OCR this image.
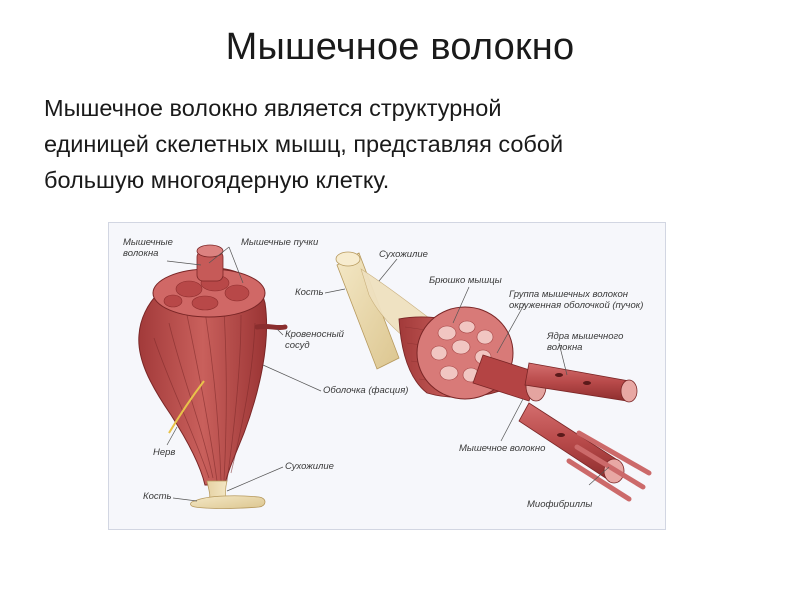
Мышечное волокно
Мышечное волокно является структурной
единицей скелетных мышц, представляя собой
большую многоядерную клетку.
Мышечные
волокна
Мышечные пучки
Кровеносный
сосуд
Оболочка (фасция)
Нерв
Сухожилие
Кость
Сухожилие
Кость
Брюшко мышцы
Группа мышечных волокон
окруженная оболочкой (пучок)
Ядра мышечного
волокна
Мышечное волокно
Миофибриллы
